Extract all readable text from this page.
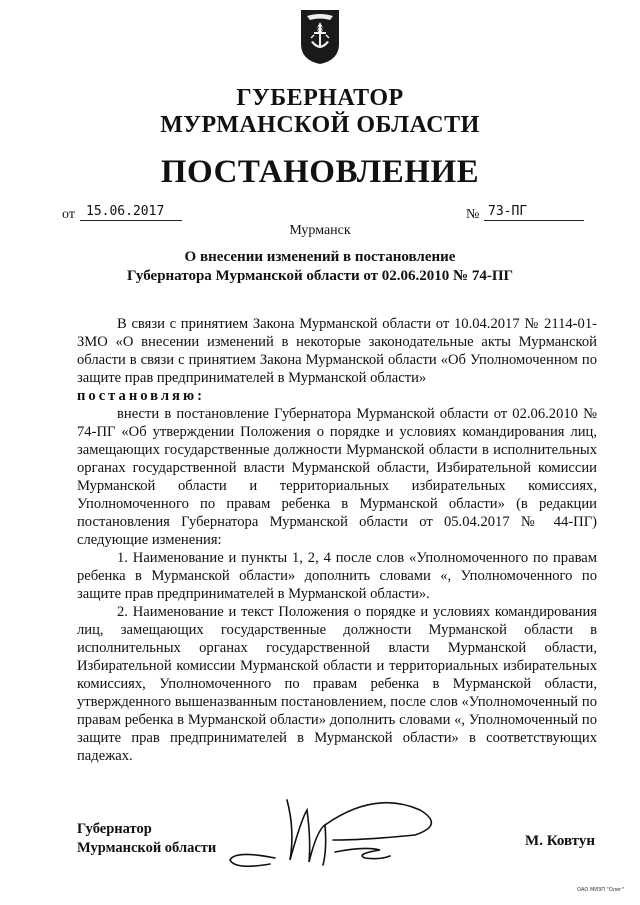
ГУБЕРНАТОР
МУРМАНСКОЙ ОБЛАСТИ
ПОСТАНОВЛЕНИЕ
от 15.06.2017	№ 73-ПГ
Мурманск
О внесении изменений в постановление
Губернатора Мурманской области от 02.06.2010 № 74-ПГ

В связи с принятием Закона Мурманской области от 10.04.2017 № 2114-01-ЗМО «О внесении изменений в некоторые законодательные акты Мурманской области в связи с принятием Закона Мурманской области «Об Уполномоченном по защите прав предпринимателей в Мурманской области»

постановляю:

внести в постановление Губернатора Мурманской области от 02.06.2010 № 74-ПГ «Об утверждении Положения о порядке и условиях командирования лиц, замещающих государственные должности Мурманской области в исполнительных органах государственной власти Мурманской области, Избирательной комиссии Мурманской области и территориальных избирательных комиссиях, Уполномоченного по правам ребенка в Мурманской области» (в редакции постановления Губернатора Мурманской области от 05.04.2017 № 44-ПГ) следующие изменения:

1. Наименование и пункты 1, 2, 4 после слов «Уполномоченного по правам ребенка в Мурманской области» дополнить словами «, Уполномоченного по защите прав предпринимателей в Мурманской области».

2. Наименование и текст Положения о порядке и условиях командирования лиц, замещающих государственные должности Мурманской области в исполнительных органах государственной власти Мурманской области, Избирательной комиссии Мурманской области и территориальных избирательных комиссиях, Уполномоченного по правам ребенка в Мурманской области, утвержденного вышеназванным постановлением, после слов «Уполномоченный по правам ребенка в Мурманской области» дополнить словами «, Уполномоченный по защите прав предпринимателей в Мурманской области» в соответствующих падежах.

Губернатор
Мурманской области	М. Ковтун
ОАО МИЗП "Олег"
